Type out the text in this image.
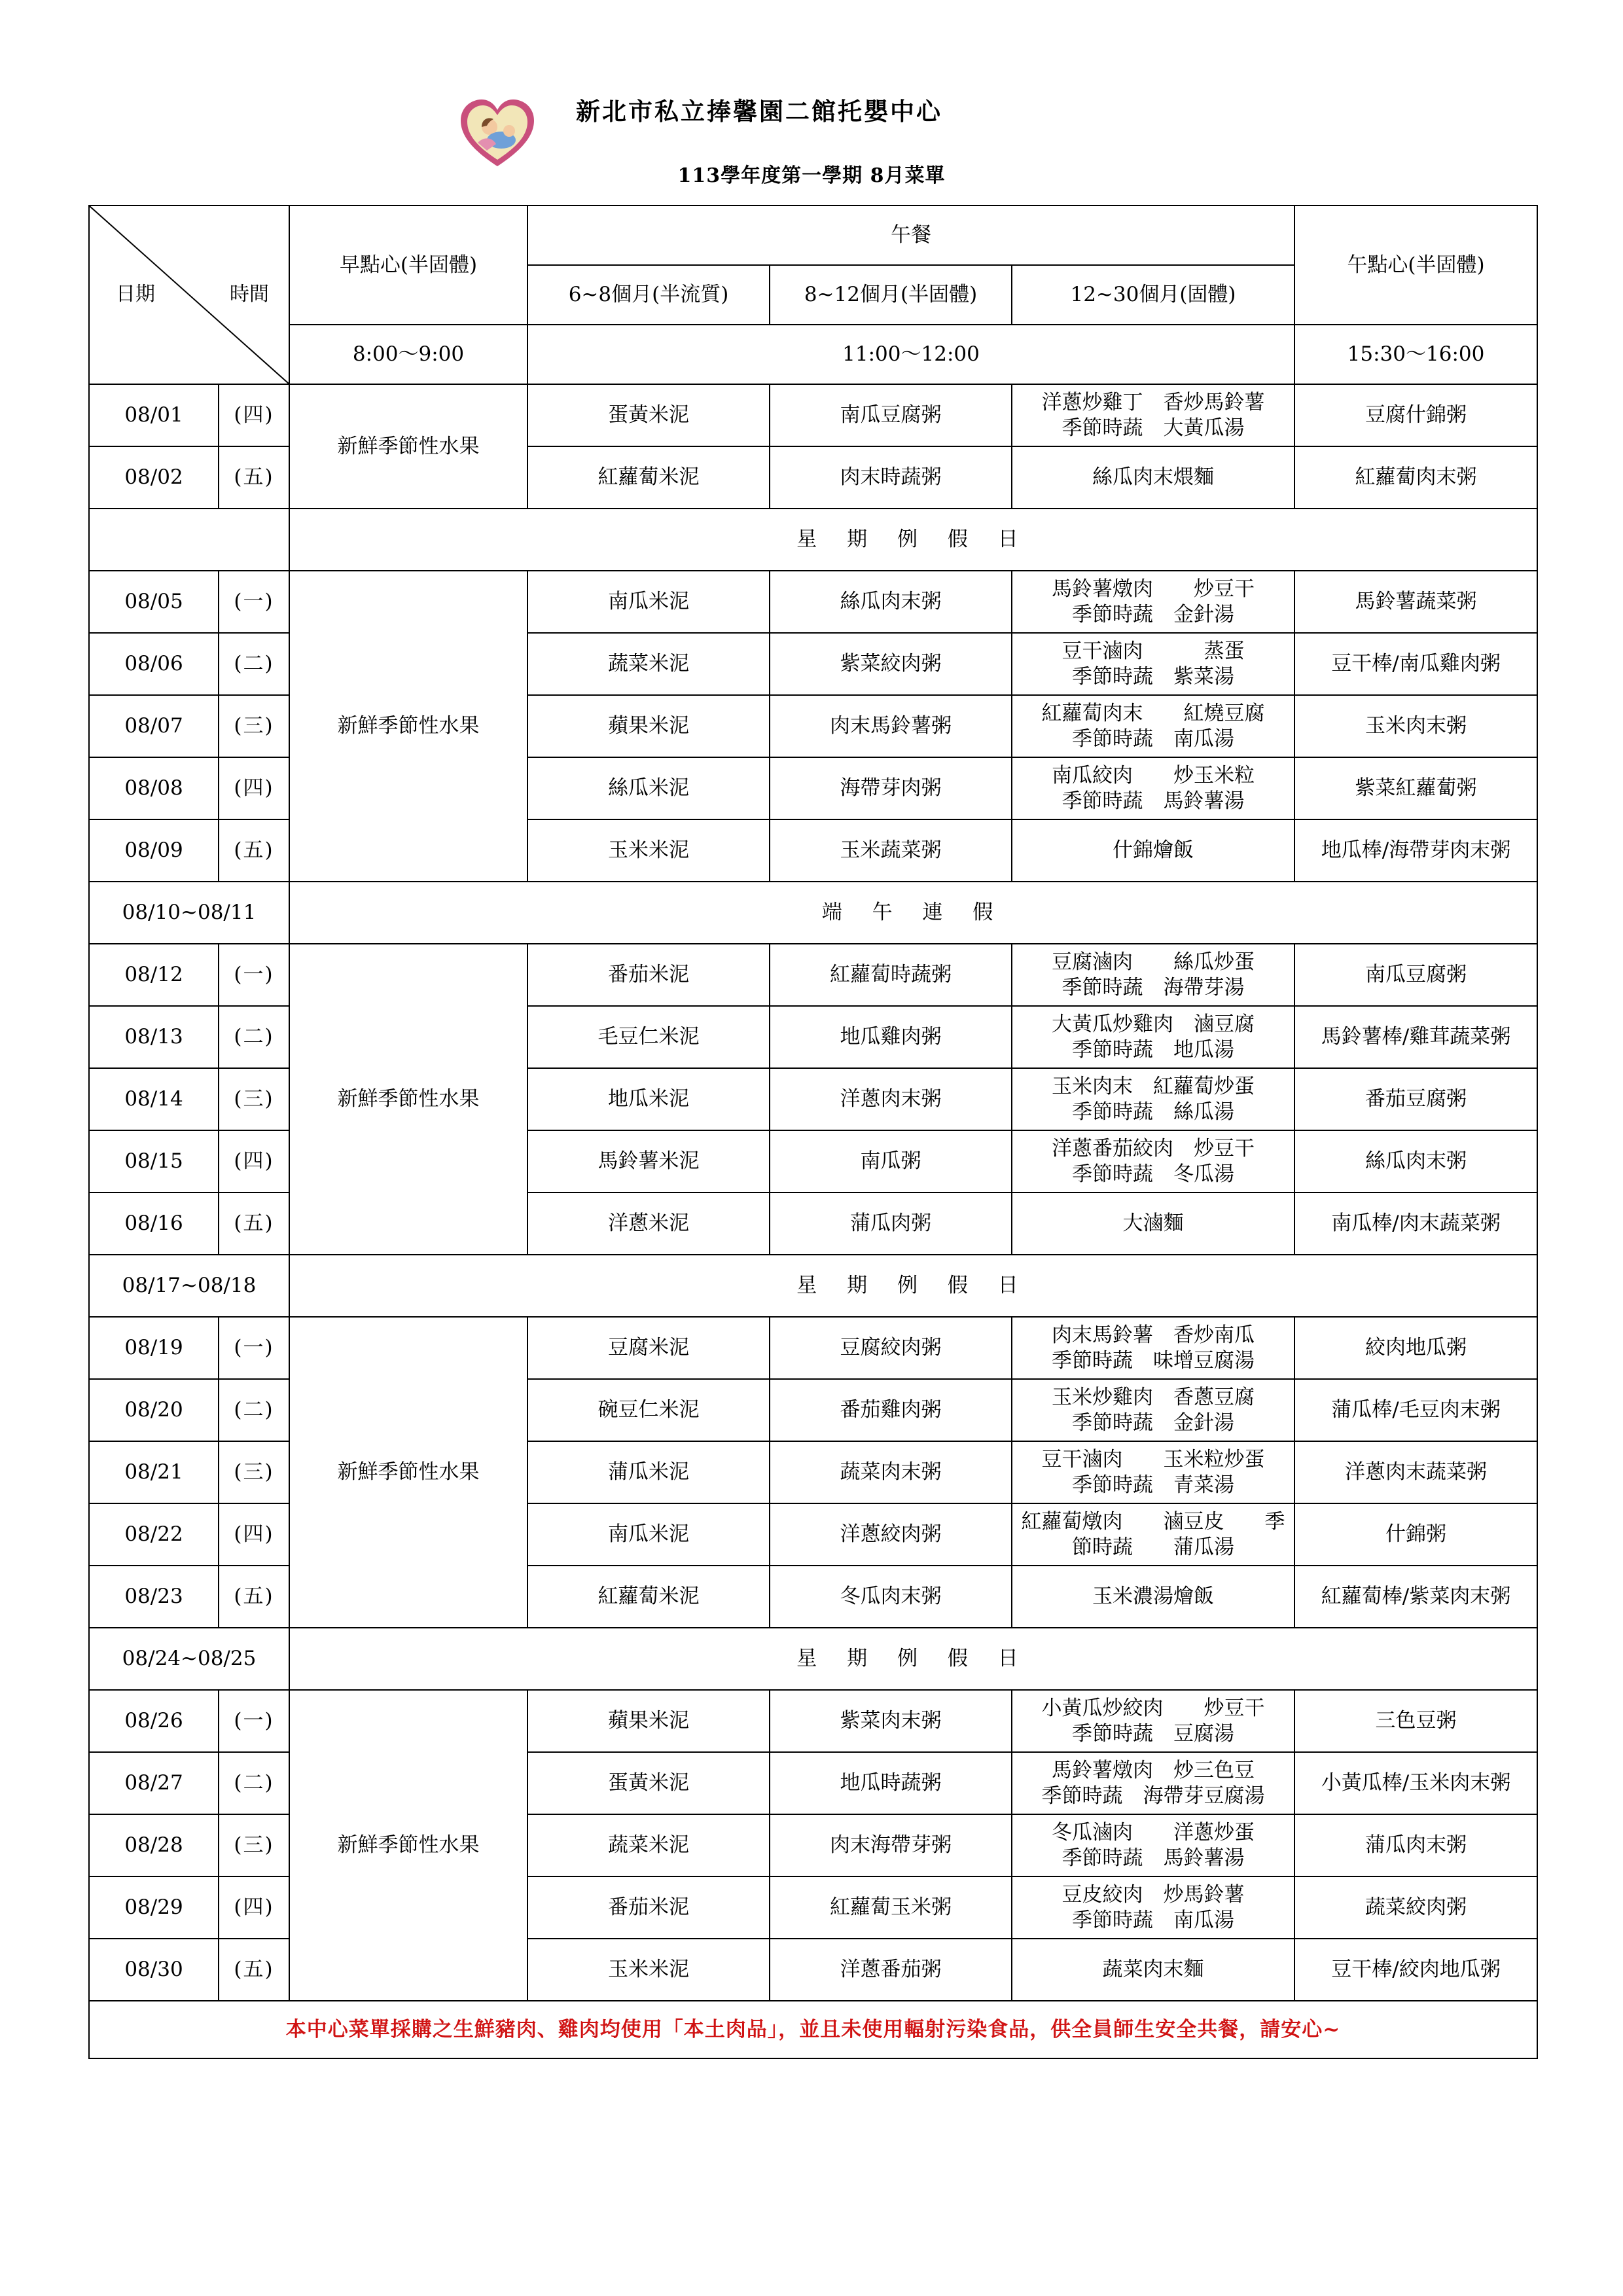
新北市私立捧馨園二館托嬰中心
113學年度第一學期 8月菜單
日期 時間		早點心(半固體)	午餐			午點心(半固體)
			6~8個月(半流質)	8~12個月(半固體)	12~30個月(固體)	
		8:00～9:00	11:00～12:00			15:30～16:00
08/01	(四)	新鮮季節性水果	蛋黃米泥	南瓜豆腐粥	洋蔥炒雞丁　香炒馬鈴薯
季節時蔬　大黃瓜湯	豆腐什錦粥
08/02	(五)		紅蘿蔔米泥	肉末時蔬粥	絲瓜肉末煨麵	紅蘿蔔肉末粥
		星 期 例 假 日				
08/05	(一)	新鮮季節性水果	南瓜米泥	絲瓜肉末粥	馬鈴薯燉肉　　炒豆干
季節時蔬　金針湯	馬鈴薯蔬菜粥
08/06	(二)		蔬菜米泥	紫菜絞肉粥	豆干滷肉　　　蒸蛋
季節時蔬　紫菜湯	豆干棒/南瓜雞肉粥
08/07	(三)		蘋果米泥	肉末馬鈴薯粥	紅蘿蔔肉末　　紅燒豆腐
季節時蔬　南瓜湯	玉米肉末粥
08/08	(四)		絲瓜米泥	海帶芽肉粥	南瓜絞肉　　炒玉米粒
季節時蔬　馬鈴薯湯	紫菜紅蘿蔔粥
08/09	(五)		玉米米泥	玉米蔬菜粥	什錦燴飯	地瓜棒/海帶芽肉末粥
08/10~08/11		端 午 連 假				
08/12	(一)	新鮮季節性水果	番茄米泥	紅蘿蔔時蔬粥	豆腐滷肉　　絲瓜炒蛋
季節時蔬　海帶芽湯	南瓜豆腐粥
08/13	(二)		毛豆仁米泥	地瓜雞肉粥	大黃瓜炒雞肉　滷豆腐
季節時蔬　地瓜湯	馬鈴薯棒/雞茸蔬菜粥
08/14	(三)		地瓜米泥	洋蔥肉末粥	玉米肉末　紅蘿蔔炒蛋
季節時蔬　絲瓜湯	番茄豆腐粥
08/15	(四)		馬鈴薯米泥	南瓜粥	洋蔥番茄絞肉　炒豆干
季節時蔬　冬瓜湯	絲瓜肉末粥
08/16	(五)		洋蔥米泥	蒲瓜肉粥	大滷麵	南瓜棒/肉末蔬菜粥
08/17~08/18		星 期 例 假 日				
08/19	(一)	新鮮季節性水果	豆腐米泥	豆腐絞肉粥	肉末馬鈴薯　香炒南瓜
季節時蔬　味增豆腐湯	絞肉地瓜粥
08/20	(二)		碗豆仁米泥	番茄雞肉粥	玉米炒雞肉　香蔥豆腐
季節時蔬　金針湯	蒲瓜棒/毛豆肉末粥
08/21	(三)		蒲瓜米泥	蔬菜肉末粥	豆干滷肉　　玉米粒炒蛋
季節時蔬　青菜湯	洋蔥肉末蔬菜粥
08/22	(四)		南瓜米泥	洋蔥絞肉粥	紅蘿蔔燉肉　　滷豆皮　　季
節時蔬　　蒲瓜湯	什錦粥
08/23	(五)		紅蘿蔔米泥	冬瓜肉末粥	玉米濃湯燴飯	紅蘿蔔棒/紫菜肉末粥
08/24~08/25		星 期 例 假 日				
08/26	(一)	新鮮季節性水果	蘋果米泥	紫菜肉末粥	小黃瓜炒絞肉　　炒豆干
季節時蔬　豆腐湯	三色豆粥
08/27	(二)		蛋黃米泥	地瓜時蔬粥	馬鈴薯燉肉　炒三色豆
季節時蔬　海帶芽豆腐湯	小黃瓜棒/玉米肉末粥
08/28	(三)		蔬菜米泥	肉末海帶芽粥	冬瓜滷肉　　洋蔥炒蛋
季節時蔬　馬鈴薯湯	蒲瓜肉末粥
08/29	(四)		番茄米泥	紅蘿蔔玉米粥	豆皮絞肉　炒馬鈴薯
季節時蔬　南瓜湯	蔬菜絞肉粥
08/30	(五)		玉米米泥	洋蔥番茄粥	蔬菜肉末麵	豆干棒/絞肉地瓜粥
本中心菜單採購之生鮮豬肉、雞肉均使用「本土肉品」，並且未使用輻射污染食品，供全員師生安全共餐，請安心~						
